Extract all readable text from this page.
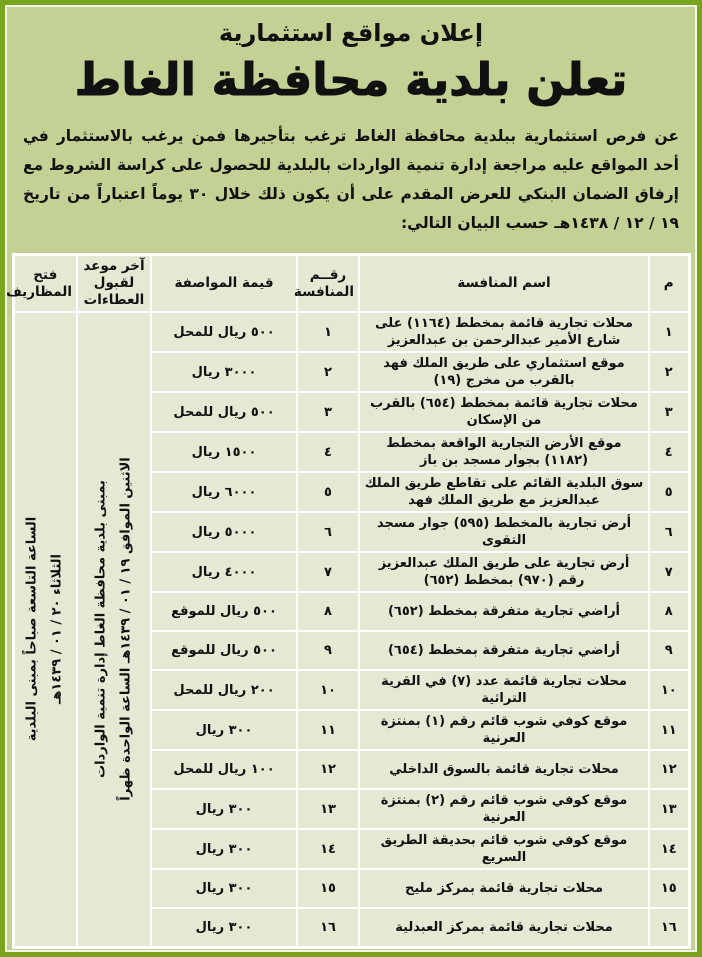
إعلان مواقع استثمارية
تعلن بلدية محافظة الغاط

عن فرص استثمارية ببلدية محافظة الغاط ترغب بتأجيرها فمن يرغب بالاستثمار في أحد المواقع عليه مراجعة إدارة تنمية الواردات بالبلدية للحصول على كراسة الشروط مع إرفاق الضمان البنكي للعرض المقدم على أن يكون ذلك خلال ٣٠ يوماً اعتباراً من تاريخ ١٩ / ١٢ / ١٤٣٨هـ حسب البيان التالي:

م	اسم المنافسة	رقــم المنافسة	قيمة المواصفة	آخر موعد لقبول العطاءات	فتح المظاريف
١	محلات تجارية قائمة بمخطط (١١٦٤) على شارع الأمير عبدالرحمن بن عبدالعزيز	١	٥٠٠ ريال للمحل	
الاثنين الموافق ١٩ / ٠١ / ١٤٣٩هـ الساعة الواحدة ظهراً
بمبنى بلدية محافظة الغاط إدارة تنمية الواردات

الثلاثاء ٢٠ / ٠١ / ١٤٣٩هـ
الساعة التاسعة صباحاً بمبنى البلدية

٢	موقع استثماري على طريق الملك فهد بالقرب من مخرج (١٩)	٢	٣٠٠٠ ريال		
٣	محلات تجارية قائمة بمخطط (٦٥٤) بالقرب من الإسكان	٣	٥٠٠ ريال للمحل		
٤	موقع الأرض التجارية الواقعة بمخطط (١١٨٢) بجوار مسجد بن باز	٤	١٥٠٠ ريال		
٥	سوق البلدية القائم على تقاطع طريق الملك عبدالعزيز مع طريق الملك فهد	٥	٦٠٠٠ ريال		
٦	أرض تجارية بالمخطط (٥٩٥) جوار مسجد التقوى	٦	٥٠٠٠ ريال		
٧	أرض تجارية على طريق الملك عبدالعزيز رقم (٩٧٠) بمخطط (٦٥٢)	٧	٤٠٠٠ ريال		
٨	أراضي تجارية متفرقة بمخطط (٦٥٢)	٨	٥٠٠ ريال للموقع		
٩	أراضي تجارية متفرقة بمخطط (٦٥٤)	٩	٥٠٠ ريال للموقع		
١٠	محلات تجارية قائمة عدد (٧) في القرية التراثية	١٠	٢٠٠ ريال للمحل		
١١	موقع كوفي شوب قائم رقم (١) بمنتزة العرنية	١١	٣٠٠ ريال		
١٢	محلات تجارية قائمة بالسوق الداخلي	١٢	١٠٠ ريال للمحل		
١٣	موقع كوفي شوب قائم رقم (٢) بمنتزة العرنية	١٣	٣٠٠ ريال		
١٤	موقع كوفي شوب قائم بحديقة الطريق السريع	١٤	٣٠٠ ريال		
١٥	محلات تجارية قائمة بمركز مليح	١٥	٣٠٠ ريال		
١٦	محلات تجارية قائمة بمركز العبدلية	١٦	٣٠٠ ريال		
